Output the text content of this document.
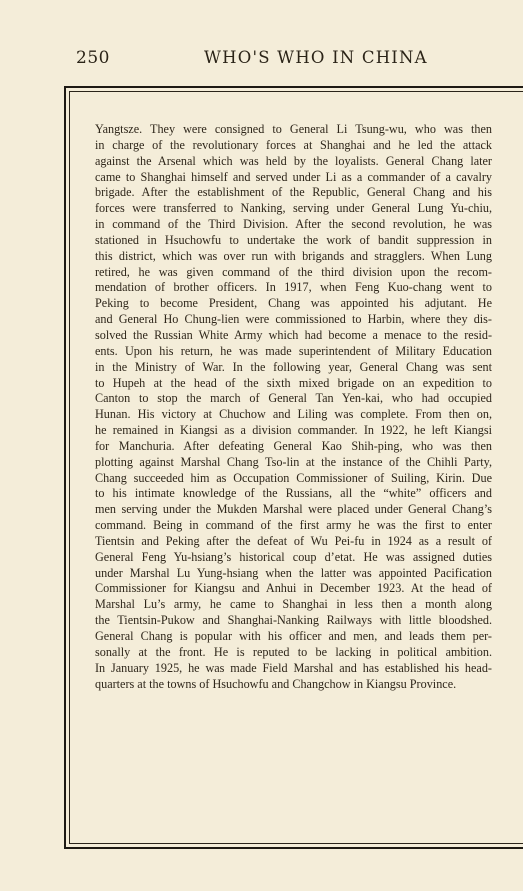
250	WHO'S WHO IN CHINA
Yangtsze. They were consigned to General Li Tsung-wu, who was then
in charge of the revolutionary forces at Shanghai and he led the attack
against the Arsenal which was held by the loyalists. General Chang later
came to Shanghai himself and served under Li as a commander of a cavalry
brigade. After the establishment of the Republic, General Chang and his
forces were transferred to Nanking, serving under General Lung Yu-chiu,
in command of the Third Division. After the second revolution, he was
stationed in Hsuchowfu to undertake the work of bandit suppression in
this district, which was over run with brigands and stragglers. When Lung
retired, he was given command of the third division upon the recom-
mendation of brother officers. In 1917, when Feng Kuo-chang went to
Peking to become President, Chang was appointed his adjutant. He
and General Ho Chung-lien were commissioned to Harbin, where they dis-
solved the Russian White Army which had become a menace to the resid-
ents. Upon his return, he was made superintendent of Military Education
in the Ministry of War. In the following year, General Chang was sent
to Hupeh at the head of the sixth mixed brigade on an expedition to
Canton to stop the march of General Tan Yen-kai, who had occupied
Hunan. His victory at Chuchow and Liling was complete. From then on,
he remained in Kiangsi as a division commander. In 1922, he left Kiangsi
for Manchuria. After defeating General Kao Shih-ping, who was then
plotting against Marshal Chang Tso-lin at the instance of the Chihli Party,
Chang succeeded him as Occupation Commissioner of Suiling, Kirin. Due
to his intimate knowledge of the Russians, all the “white” officers and
men serving under the Mukden Marshal were placed under General Chang’s
command. Being in command of the first army he was the first to enter
Tientsin and Peking after the defeat of Wu Pei-fu in 1924 as a result of
General Feng Yu-hsiang’s historical coup d’etat. He was assigned duties
under Marshal Lu Yung-hsiang when the latter was appointed Pacification
Commissioner for Kiangsu and Anhui in December 1923. At the head of
Marshal Lu’s army, he came to Shanghai in less then a month along
the Tientsin-Pukow and Shanghai-Nanking Railways with little bloodshed.
General Chang is popular with his officer and men, and leads them per-
sonally at the front. He is reputed to be lacking in political ambition.
In January 1925, he was made Field Marshal and has established his head-
quarters at the towns of Hsuchowfu and Changchow in Kiangsu Province.
